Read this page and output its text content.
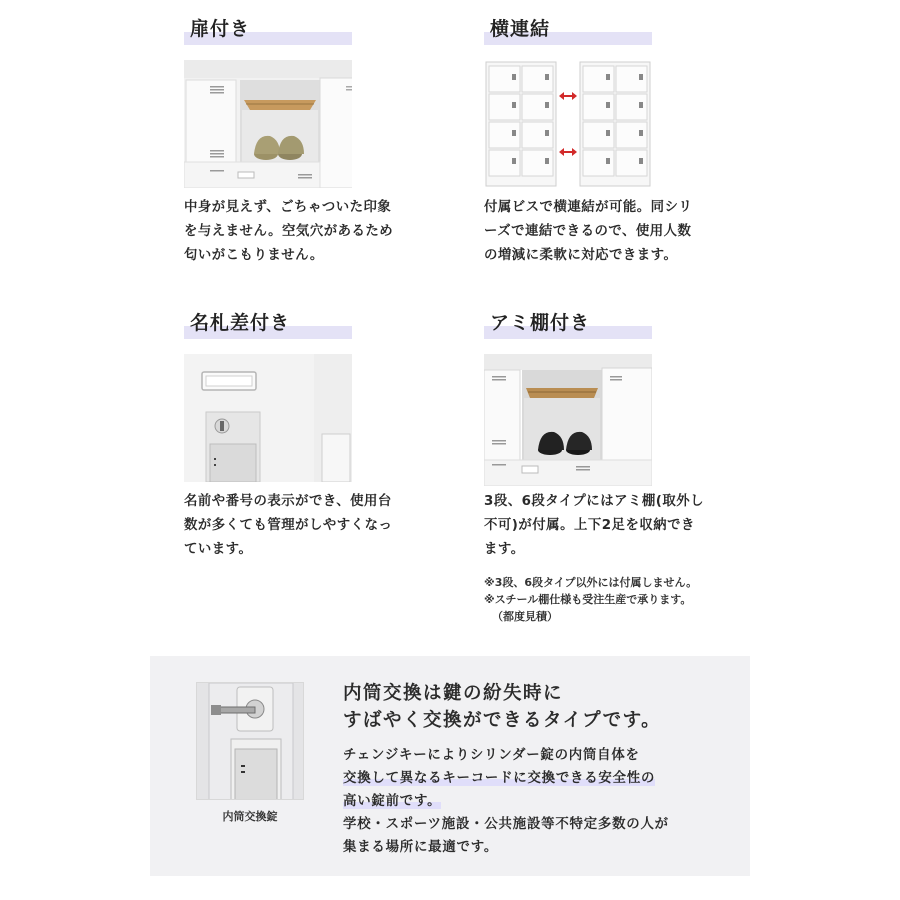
扉付き
中身が見えず、ごちゃついた印象
を与えません。空気穴があるため
匂いがこもりません。
横連結
付属ビスで横連結が可能。同シリ
ーズで連結できるので、使用人数
の増減に柔軟に対応できます。
名札差付き
名前や番号の表示ができ、使用台
数が多くても管理がしやすくなっ
ています。
アミ棚付き
3段、6段タイプにはアミ棚(取外し
不可)が付属。上下2足を収納でき
ます。
※3段、6段タイプ以外には付属しません。
※スチール棚仕様も受注生産で承ります。
（都度見積）
内筒交換錠
内筒交換は鍵の紛失時に
すばやく交換ができるタイプです。
チェンジキーによりシリンダー錠の内筒自体を
交換して異なるキーコードに交換できる安全性の
高い錠前です。
学校・スポーツ施設・公共施設等不特定多数の人が
集まる場所に最適です。
